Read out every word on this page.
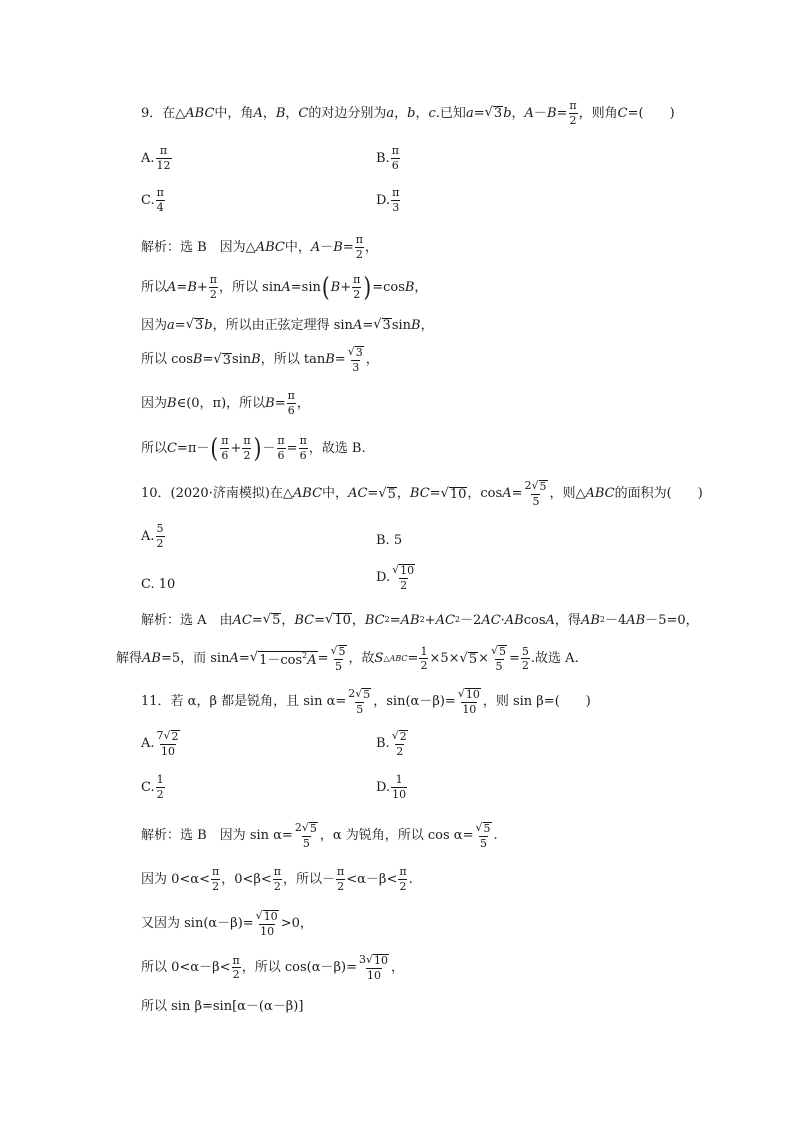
9．在△ ABC 中，角 A ， B ， C 的对边分别为 a ， b ， c .已知 a = √ 3 b ， $A - B = \frac{\pi}{2}$ ，则角 C =(　　)
A. $\frac{\pi}{12}$	B. $\frac{\pi}{6}$
C. $\frac{\pi}{4}$	D. $\frac{\pi}{3}$
解析：选 B　因为△ ABC 中， $A - B = \frac{\pi}{2}$ ，
所以 $A = B + \frac{\pi}{2}$ ，所以 sin A =sin ( $B + \frac{\pi}{2}$ ) =cos B ，
因为 a = √ 3 b ，所以由正弦定理得 sin A = √ 3 sin B ，
所以 cos B = √ 3 sin B ，所以 $\tan B = \frac{√ 3}{3}$ ，
因为 B ∈(0，π)，所以 $B = \frac{\pi}{6}$ ，
所以 C =π－ ( $\frac{\pi}{6} + \frac{\pi}{2}$ ) － $\frac{\pi}{6} = \frac{\pi}{6}$ ，故选 B.
10．(2020·济南模拟)在△ ABC 中， AC = √ 5 ， BC = √ 10 ，$\cos A = \frac{2 √ 5}{5}$ ，则△ ABC 的面积为(　　)
A. $\frac{5}{2}$	B. 5
C. 10	D. $\frac{√ 10}{2}$
解析：选 A　由 AC = √ 5 ， BC = √ 10 ， BC 2 = AB 2 + AC 2 －2 AC · AB cos A ，得 AB 2 －4 AB －5=0，
解得 AB =5，而 sin A = √ $1-\cos^2A = \frac{√ 5}{5}$ ，故 S △ABC = $\frac{1}{2} \times 5\times$ √ $5 \times \frac{√ 5}{5} = \frac{5}{2}$ .故选 A.
11．若 α，β 都是锐角，且 $\sin \alpha= \frac{2 √ 5}{5}$ ，$\sin(\alpha-\beta)= \frac{√ 10}{10}$ ，则 sin β=(　　)
A. $\frac{7 √ 2}{10}$	B. $\frac{√ 2}{2}$
C. $\frac{1}{2}$	D. $\frac{1}{10}$
解析：选 B　因为 $\sin \alpha= \frac{2 √ 5}{5}$ ，α 为锐角，所以 $\cos \alpha= \frac{√ 5}{5}$ .
因为 $0<\alpha< \frac{\pi}{2}$ ，$0<\beta< \frac{\pi}{2}$ ，所以－ $\frac{\pi}{2} <\alpha-\beta< \frac{\pi}{2}$ .
又因为 $\sin(\alpha-\beta)= \frac{√ 10}{10} >0$，
所以 $0<\alpha-\beta< \frac{\pi}{2}$ ，所以 $\cos(\alpha-\beta)= \frac{3 √ 10}{10}$ ，
所以 sin β=sin[α－(α－β)]
